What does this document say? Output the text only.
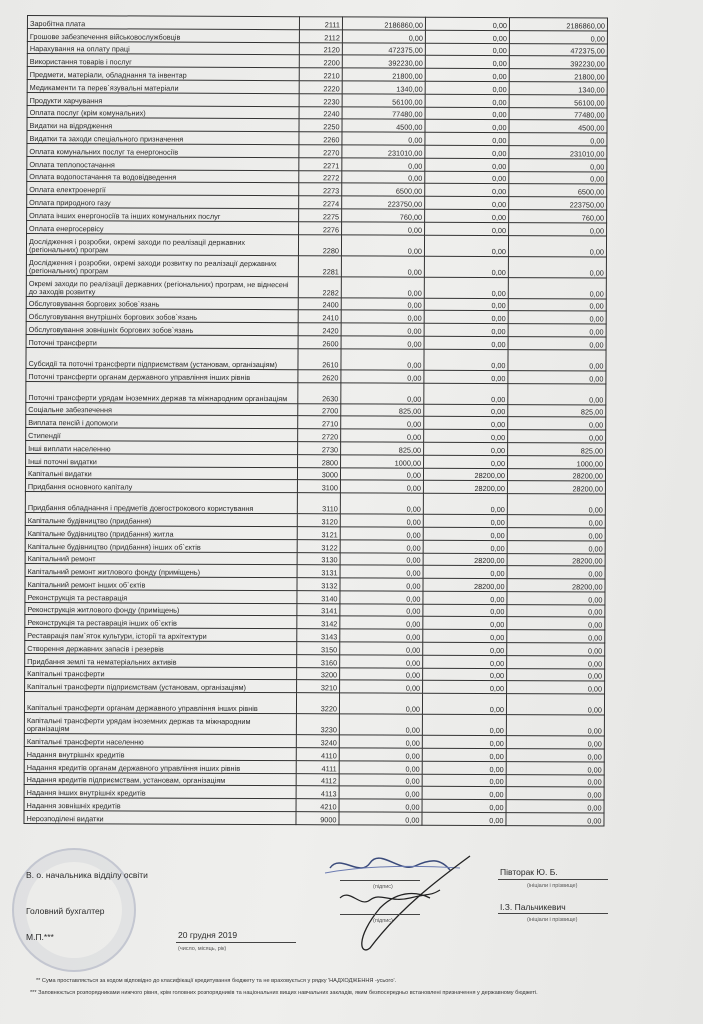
Заробітна плата	2111	2186860,00	0,00	2186860,00
Грошове забезпечення військовослужбовців	2112	0,00	0,00	0,00
Нарахування на оплату праці	2120	472375,00	0,00	472375,00
Використання товарів і послуг	2200	392230,00	0,00	392230,00
Предмети, матеріали, обладнання та інвентар	2210	21800,00	0,00	21800,00
Медикаменти та перев`язувальні матеріали	2220	1340,00	0,00	1340,00
Продукти харчування	2230	56100,00	0,00	56100,00
Оплата послуг (крім комунальних)	2240	77480,00	0,00	77480,00
Видатки на відрядження	2250	4500,00	0,00	4500,00
Видатки та заходи спеціального призначення	2260	0,00	0,00	0,00
Оплата комунальних послуг та енергоносіїв	2270	231010,00	0,00	231010,00
Оплата теплопостачання	2271	0,00	0,00	0,00
Оплата водопостачання та водовідведення	2272	0,00	0,00	0,00
Оплата електроенергії	2273	6500,00	0,00	6500,00
Оплата природного газу	2274	223750,00	0,00	223750,00
Оплата інших енергоносіїв та інших комунальних послуг	2275	760,00	0,00	760,00
Оплата енергосервісу	2276	0,00	0,00	0,00
Дослідження і розробки, окремі заходи по реалізації державних (регіональних) програм	2280	0,00	0,00	0,00
Дослідження і розробки, окремі заходи розвитку по реалізації державних (регіональних) програм	2281	0,00	0,00	0,00
Окремі заходи по реалізації державних (регіональних) програм, не віднесені до заходів розвитку	2282	0,00	0,00	0,00
Обслуговування боргових зобов`язань	2400	0,00	0,00	0,00
Обслуговування внутрішніх боргових зобов`язань	2410	0,00	0,00	0,00
Обслуговування зовнішніх боргових зобов`язань	2420	0,00	0,00	0,00
Поточні трансферти	2600	0,00	0,00	0,00
Субсидії та поточні трансферти підприємствам (установам, організаціям)	2610	0,00	0,00	0,00
Поточні трансферти органам державного управління інших рівнів	2620	0,00	0,00	0,00
Поточні трансферти урядам іноземних держав та міжнародним організаціям	2630	0,00	0,00	0,00
Соціальне забезпечення	2700	825,00	0,00	825,00
Виплата пенсій і допомоги	2710	0,00	0,00	0,00
Стипендії	2720	0,00	0,00	0,00
Інші виплати населенню	2730	825,00	0,00	825,00
Інші поточні видатки	2800	1000,00	0,00	1000,00
Капітальні видатки	3000	0,00	28200,00	28200,00
Придбання основного капіталу	3100	0,00	28200,00	28200,00
Придбання обладнання і предметів довгострокового користування	3110	0,00	0,00	0,00
Капітальне будівництво (придбання)	3120	0,00	0,00	0,00
Капітальне будівництво (придбання) житла	3121	0,00	0,00	0,00
Капітальне будівництво (придбання) інших об`єктів	3122	0,00	0,00	0,00
Капітальний ремонт	3130	0,00	28200,00	28200,00
Капітальний ремонт житлового фонду (приміщень)	3131	0,00	0,00	0,00
Капітальний ремонт інших об`єктів	3132	0,00	28200,00	28200,00
Реконструкція та реставрація	3140	0,00	0,00	0,00
Реконструкція житлового фонду (приміщень)	3141	0,00	0,00	0,00
Реконструкція та реставрація інших об`єктів	3142	0,00	0,00	0,00
Реставрація пам`яток культури, історії та архітектури	3143	0,00	0,00	0,00
Створення державних запасів і резервів	3150	0,00	0,00	0,00
Придбання землі та нематеріальних активів	3160	0,00	0,00	0,00
Капітальні трансферти	3200	0,00	0,00	0,00
Капітальні трансферти підприємствам (установам, організаціям)	3210	0,00	0,00	0,00
Капітальні трансферти органам державного управління інших рівнів	3220	0,00	0,00	0,00
Капітальні трансферти урядам іноземних держав та міжнародним організаціям	3230	0,00	0,00	0,00
Капітальні трансферти населенню	3240	0,00	0,00	0,00
Надання внутрішніх кредитів	4110	0,00	0,00	0,00
Надання кредитів органам державного управління інших рівнів	4111	0,00	0,00	0,00
Надання кредитів підприємствам, установам, організаціям	4112	0,00	0,00	0,00
Надання інших внутрішніх кредитів	4113	0,00	0,00	0,00
Надання зовнішніх кредитів	4210	0,00	0,00	0,00
Нерозподілені видатки	9000	0,00	0,00	0,00
В. о. начальника відділу освіти
Головний бухгалтер
М.П.***	20 грудня 2019
(число, місяць, рік)
(підпис)
(підпис)
Півторак Ю. Б.
(ініціали і прізвище)
І.З. Пальчикевич
(ініціали і прізвище)
** Сума проставляється за кодом відповідно до класифікації кредитування бюджету та не враховується у рядку 'НАДХОДЖЕННЯ -усього'.
*** Заповнюється розпорядниками нижчого рівня, крім головних розпорядників та національних вищих навчальних закладів, яким безпосередньо встановлені призначення у державному бюджеті.
